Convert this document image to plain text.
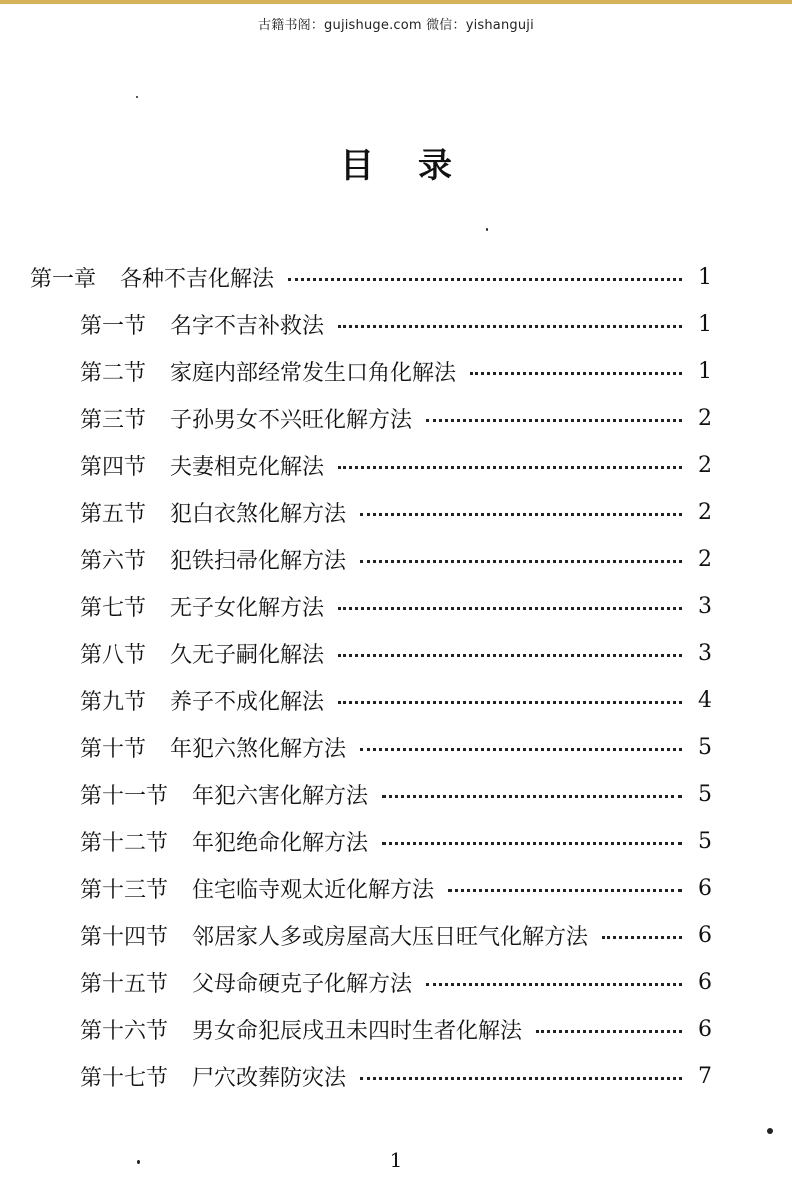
古籍书阁：gujishuge.com 微信：yishanguji
目录
第一章 各种不吉化解法	1
第一节 名字不吉补救法	1
第二节 家庭内部经常发生口角化解法	1
第三节 子孙男女不兴旺化解方法	2
第四节 夫妻相克化解法	2
第五节 犯白衣煞化解方法	2
第六节 犯铁扫帚化解方法	2
第七节 无子女化解方法	3
第八节 久无子嗣化解法	3
第九节 养子不成化解法	4
第十节 年犯六煞化解方法	5
第十一节 年犯六害化解方法	5
第十二节 年犯绝命化解方法	5
第十三节 住宅临寺观太近化解方法	6
第十四节 邻居家人多或房屋高大压日旺气化解方法	6
第十五节 父母命硬克子化解方法	6
第十六节 男女命犯辰戌丑未四时生者化解法	6
第十七节 尸穴改葬防灾法	7
1
